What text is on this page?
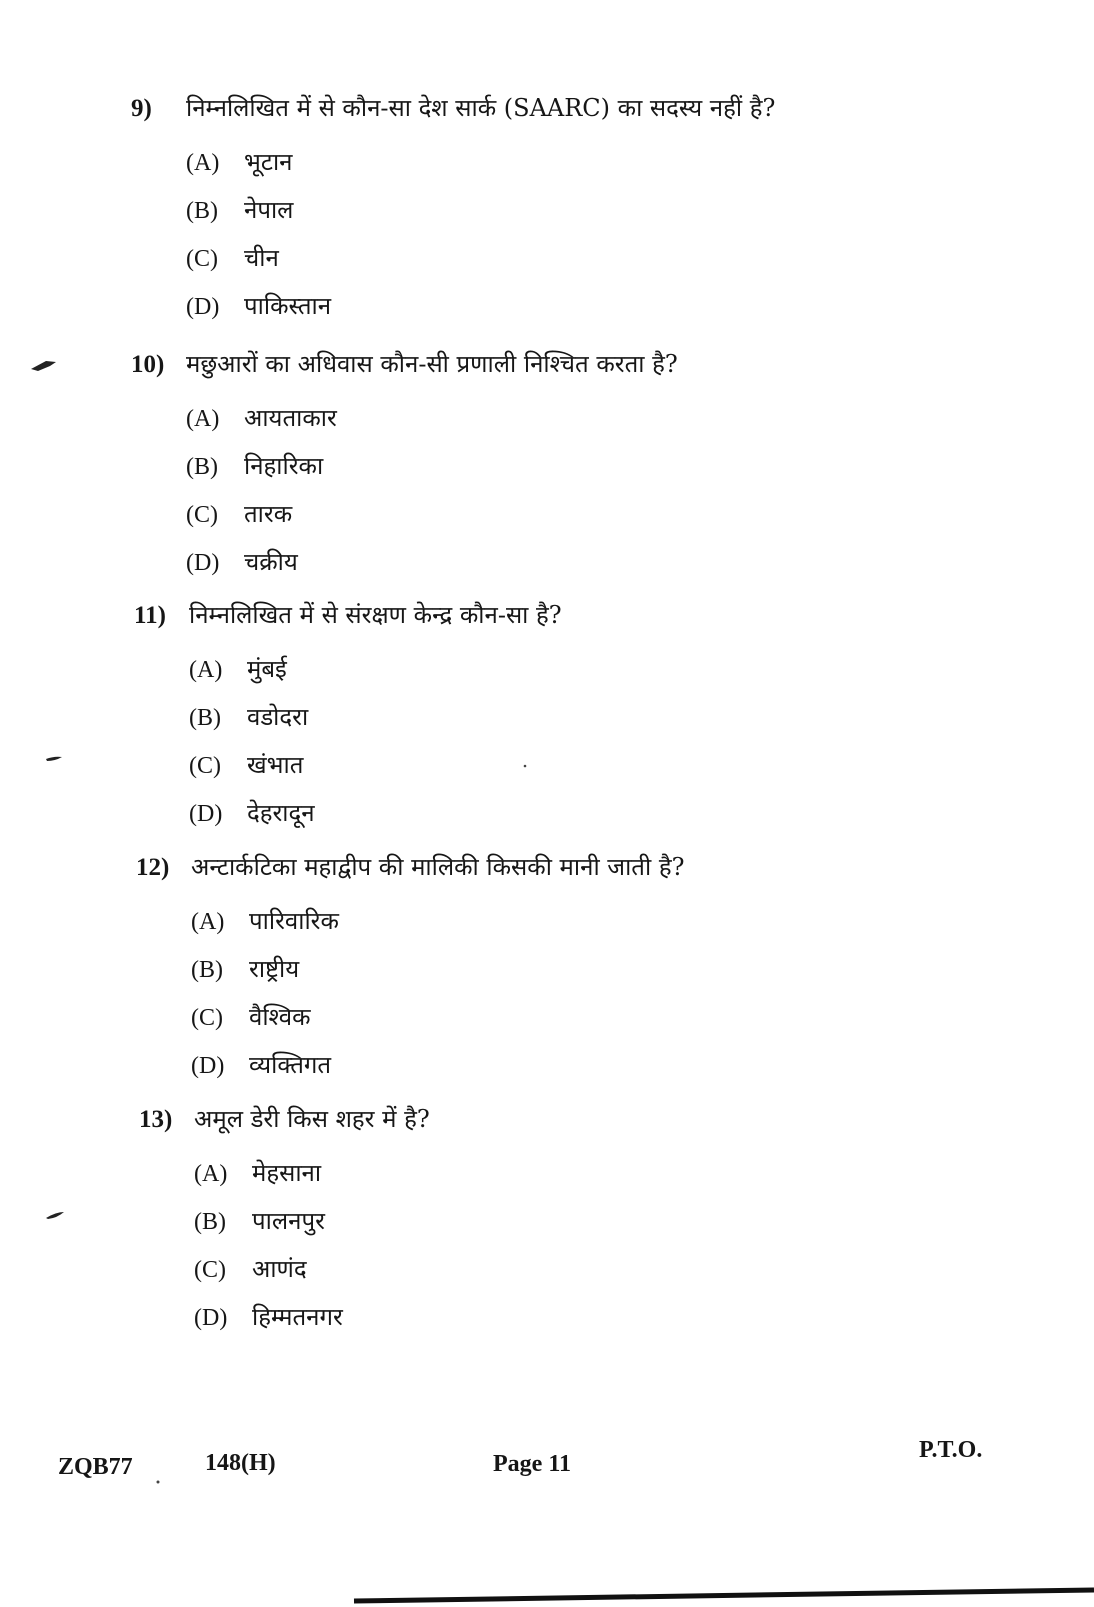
9) निम्नलिखित में से कौन-सा देश सार्क (SAARC) का सदस्य नहीं है?
(A) भूटान
(B) नेपाल
(C) चीन
(D) पाकिस्तान
10) मछुआरों का अधिवास कौन-सी प्रणाली निश्चित करता है?
(A) आयताकार
(B) निहारिका
(C) तारक
(D) चक्रीय
11) निम्नलिखित में से संरक्षण केन्द्र कौन-सा है?
(A) मुंबई
(B) वडोदरा
(C) खंभात
(D) देहरादून
12) अन्टार्कटिका महाद्वीप की मालिकी किसकी मानी जाती है?
(A) पारिवारिक
(B) राष्ट्रीय
(C) वैश्विक
(D) व्यक्तिगत
13) अमूल डेरी किस शहर में है?
(A) मेहसाना
(B) पालनपुर
(C) आणंद
(D) हिम्मतनगर
ZQB77	148(H)	Page 11
P.T.O.
